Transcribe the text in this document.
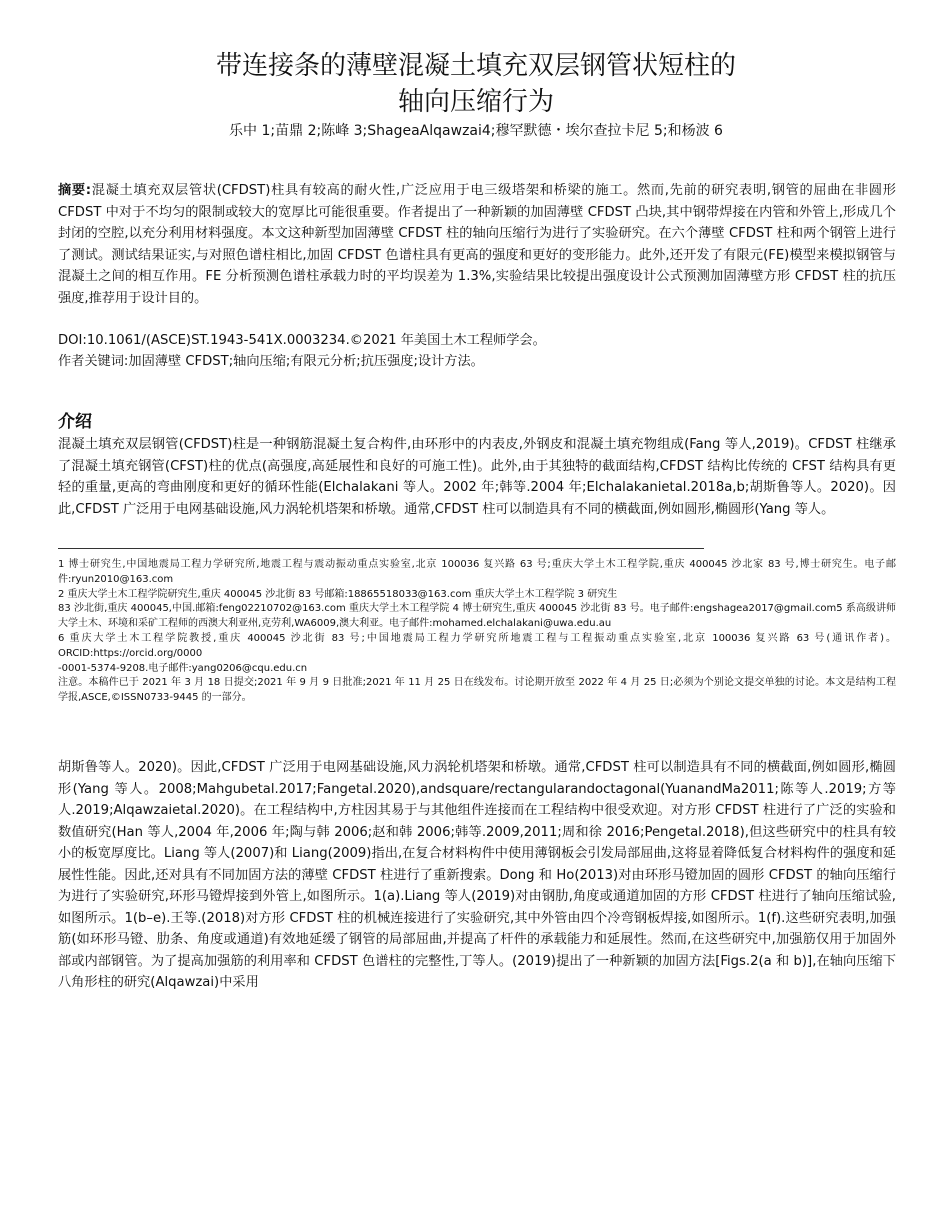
带连接条的薄壁混凝土填充双层钢管状短柱的
轴向压缩行为
乐中 1;苗鼎 2;陈峰 3;ShageaAlqawzai4;穆罕默德・埃尔查拉卡尼 5;和杨波 6
摘要:混凝土填充双层管状(CFDST)柱具有较高的耐火性,广泛应用于电三级塔架和桥梁的施工。然而,先前的研究表明,钢管的屈曲在非圆形 CFDST 中对于不均匀的限制或较大的宽厚比可能很重要。作者提出了一种新颖的加固薄壁 CFDST 凸块,其中钢带焊接在内管和外管上,形成几个封闭的空腔,以充分利用材料强度。本文这种新型加固薄壁 CFDST 柱的轴向压缩行为进行了实验研究。在六个薄壁 CFDST 柱和两个钢管上进行了测试。测试结果证实,与对照色谱柱相比,加固 CFDST 色谱柱具有更高的强度和更好的变形能力。此外,还开发了有限元(FE)模型来模拟钢管与混凝土之间的相互作用。FE 分析预测色谱柱承载力时的平均误差为 1.3%,实验结果比较提出强度设计公式预测加固薄壁方形 CFDST 柱的抗压强度,推荐用于设计目的。
DOI:10.1061/(ASCE)ST.1943-541X.0003234.©2021 年美国土木工程师学会。
作者关键词:加固薄壁 CFDST;轴向压缩;有限元分析;抗压强度;设计方法。
介绍
混凝土填充双层钢管(CFDST)柱是一种钢筋混凝土复合构件,由环形中的内表皮,外钢皮和混凝土填充物组成(Fang 等人,2019)。CFDST 柱继承了混凝土填充钢管(CFST)柱的优点(高强度,高延展性和良好的可施工性)。此外,由于其独特的截面结构,CFDST 结构比传统的 CFST 结构具有更轻的重量,更高的弯曲刚度和更好的循环性能(Elchalakani 等人。2002 年;韩等.2004 年;Elchalakanietal.2018a,b;胡斯鲁等人。2020)。因此,CFDST 广泛用于电网基础设施,风力涡轮机塔架和桥墩。通常,CFDST 柱可以制造具有不同的横截面,例如圆形,椭圆形(Yang 等人。

1 博士研究生,中国地震局工程力学研究所,地震工程与震动振动重点实验室,北京 100036 复兴路 63 号;重庆大学土木工程学院,重庆 400045 沙北家 83 号,博士研究生。电子邮件:ryun2010@163.com

2 重庆大学土木工程学院研究生,重庆 400045 沙北街 83 号邮箱:18865518033@163.com 重庆大学土木工程学院 3 研究生

83 沙北街,重庆 400045,中国.邮箱:feng02210702@163.com 重庆大学土木工程学院 4 博士研究生,重庆 400045 沙北街 83 号。电子邮件:engshagea2017@gmail.com5 系高级讲师大学土木、环境和采矿工程师的西澳大利亚州,克劳利,WA6009,澳大利亚。电子邮件:mohamed.elchalakani@uwa.edu.au

6 重庆大学土木工程学院教授,重庆 400045 沙北街 83 号;中国地震局工程力学研究所地震工程与工程振动重点实验室,北京 100036 复兴路 63 号(通讯作者)。ORCID:https://orcid.org/0000

-0001-5374-9208.电子邮件:yang0206@cqu.edu.cn

注意。本稿件已于 2021 年 3 月 18 日提交;2021 年 9 月 9 日批准;2021 年 11 月 25 日在线发布。讨论期开放至 2022 年 4 月 25 日;必须为个别论文提交单独的讨论。本文是结构工程学报,ASCE,©ISSN0733-9445 的一部分。

胡斯鲁等人。2020)。因此,CFDST 广泛用于电网基础设施,风力涡轮机塔架和桥墩。通常,CFDST 柱可以制造具有不同的横截面,例如圆形,椭圆形(Yang 等人。2008;Mahgubetal.2017;Fangetal.2020),andsquare/rectangularandoctagonal(YuanandMa2011;陈等人.2019;方等人.2019;Alqawzaietal.2020)。在工程结构中,方柱因其易于与其他组件连接而在工程结构中很受欢迎。对方形 CFDST 柱进行了广泛的实验和数值研究(Han 等人,2004 年,2006 年;陶与韩 2006;赵和韩 2006;韩等.2009,2011;周和徐 2016;Pengetal.2018),但这些研究中的柱具有较小的板宽厚度比。Liang 等人(2007)和 Liang(2009)指出,在复合材料构件中使用薄钢板会引发局部屈曲,这将显着降低复合材料构件的强度和延展性性能。因此,还对具有不同加固方法的薄壁 CFDST 柱进行了重新搜索。Dong 和 Ho(2013)对由环形马镫加固的圆形 CFDST 的轴向压缩行为进行了实验研究,环形马镫焊接到外管上,如图所示。1(a).Liang 等人(2019)对由钢肋,角度或通道加固的方形 CFDST 柱进行了轴向压缩试验,如图所示。1(b–e).王等.(2018)对方形 CFDST 柱的机械连接进行了实验研究,其中外管由四个冷弯钢板焊接,如图所示。1(f).这些研究表明,加强筋(如环形马镫、肋条、角度或通道)有效地延缓了钢管的局部屈曲,并提高了杆件的承载能力和延展性。然而,在这些研究中,加强筋仅用于加固外部或内部钢管。为了提高加强筋的利用率和 CFDST 色谱柱的完整性,丁等人。(2019)提出了一种新颖的加固方法[Figs.2(a 和 b)],在轴向压缩下八角形柱的研究(Alqawzai)中采用
